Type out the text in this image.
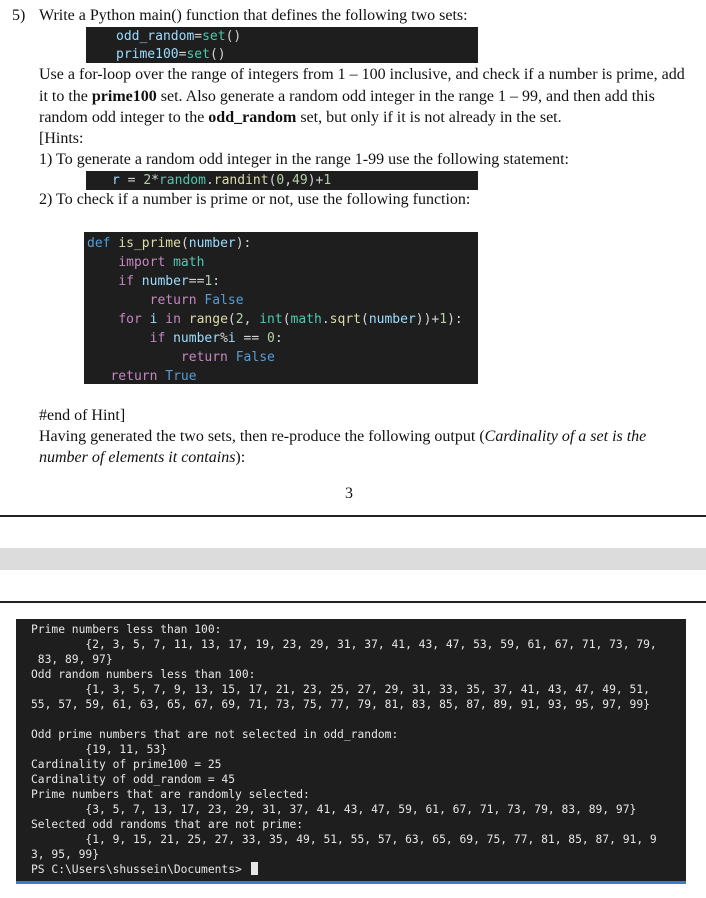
5) Write a Python main() function that defines the following two sets:
odd_random=set()
prime100=set()
Use a for-loop over the range of integers from 1 – 100 inclusive, and check if a number is prime, add
it to the prime100 set. Also generate a random odd integer in the range 1 – 99, and then add this
random odd integer to the odd_random set, but only if it is not already in the set.
[Hints:
1) To generate a random odd integer in the range 1-99 use the following statement:
r = 2*random.randint(0,49)+1
2) To check if a number is prime or not, use the following function:
def is_prime(number):
import math
if number==1:
return False
for i in range(2, int(math.sqrt(number))+1):
if number%i == 0:
return False
return True
#end of Hint]
Having generated the two sets, then re-produce the following output (Cardinality of a set is the
number of elements it contains):
3
Prime numbers less than 100:
{2, 3, 5, 7, 11, 13, 17, 19, 23, 29, 31, 37, 41, 43, 47, 53, 59, 61, 67, 71, 73, 79,
83, 89, 97}
Odd random numbers less than 100:
{1, 3, 5, 7, 9, 13, 15, 17, 21, 23, 25, 27, 29, 31, 33, 35, 37, 41, 43, 47, 49, 51,
55, 57, 59, 61, 63, 65, 67, 69, 71, 73, 75, 77, 79, 81, 83, 85, 87, 89, 91, 93, 95, 97, 99}
Odd prime numbers that are not selected in odd_random:
{19, 11, 53}
Cardinality of prime100 = 25
Cardinality of odd_random = 45
Prime numbers that are randomly selected:
{3, 5, 7, 13, 17, 23, 29, 31, 37, 41, 43, 47, 59, 61, 67, 71, 73, 79, 83, 89, 97}
Selected odd randoms that are not prime:
{1, 9, 15, 21, 25, 27, 33, 35, 49, 51, 55, 57, 63, 65, 69, 75, 77, 81, 85, 87, 91, 9
3, 95, 99}
PS C:\Users\shussein\Documents>
